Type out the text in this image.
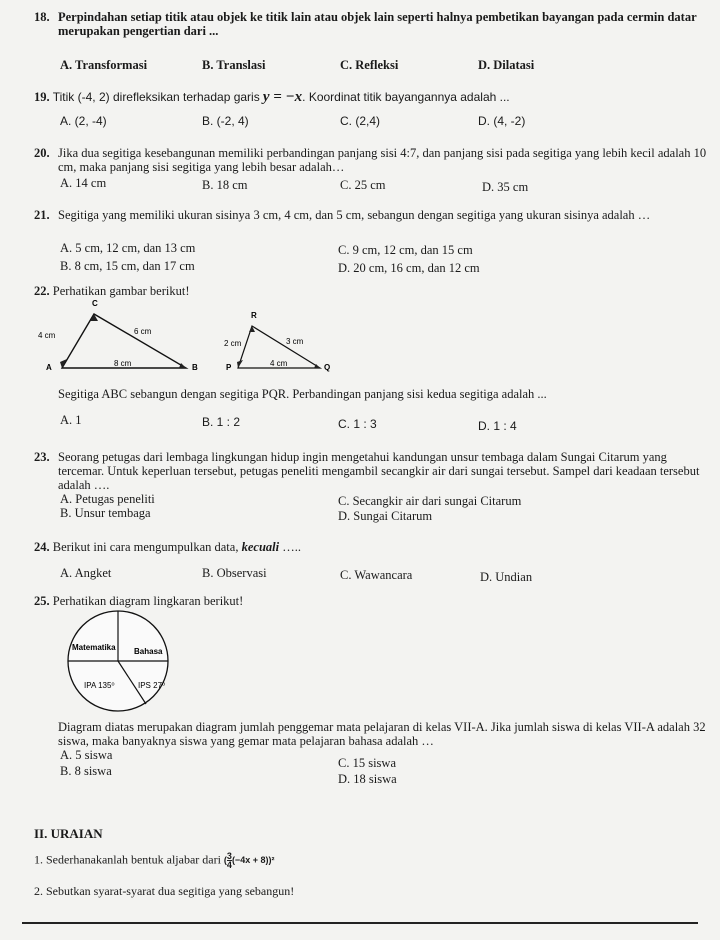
18. Perpindahan setiap titik atau objek ke titik lain atau objek lain seperti halnya pembetikan bayangan pada cermin datar merupakan pengertian dari ...
A. Transformasi	B. Translasi	C. Refleksi	D. Dilatasi
19. Titik (-4, 2) direfleksikan terhadap garis y = −x. Koordinat titik bayangannya adalah ...
A. (2, -4)	B. (-2, 4)	C. (2,4)	D. (4, -2)
20. Jika dua segitiga kesebangunan memiliki perbandingan panjang sisi 4:7, dan panjang sisi pada segitiga yang lebih kecil adalah 10 cm, maka panjang sisi segitiga yang lebih besar adalah…
A. 14 cm	B. 18 cm	C. 25 cm	D. 35 cm
21. Segitiga yang memiliki ukuran sisinya 3 cm, 4 cm, dan 5 cm, sebangun dengan segitiga yang ukuran sisinya adalah …
A. 5 cm, 12 cm, dan 13 cm	C. 9 cm, 12 cm, dan 15 cm
B. 8 cm, 15 cm, dan 17 cm	D. 20 cm, 16 cm, dan 12 cm
22. Perhatikan gambar berikut!
C
A	B
4 cm	6 cm
8 cm
R
P	Q
2 cm	3 cm
4 cm
Segitiga ABC sebangun dengan segitiga PQR. Perbandingan panjang sisi kedua segitiga adalah ...
A. 1	B. 1 : 2	C. 1 : 3	D. 1 : 4
23. Seorang petugas dari lembaga lingkungan hidup ingin mengetahui kandungan unsur tembaga dalam Sungai Citarum yang tercemar. Untuk keperluan tersebut, petugas peneliti mengambil secangkir air dari sungai tersebut. Sampel dari keadaan tersebut adalah ….
A. Petugas peneliti	C. Secangkir air dari sungai Citarum
B. Unsur tembaga	D. Sungai Citarum
24. Berikut ini cara mengumpulkan data, kecuali …..
A. Angket	B. Observasi	C. Wawancara	D. Undian
25. Perhatikan diagram lingkaran berikut!
Matematika Bahasa
IPA 135⁰	IPS 27⁰
Diagram diatas merupakan diagram jumlah penggemar mata pelajaran di kelas VII-A. Jika jumlah siswa di kelas VII-A adalah 32 siswa, maka banyaknya siswa yang gemar mata pelajaran bahasa adalah …
A. 5 siswa
C. 15 siswa
B. 8 siswa
D. 18 siswa
II. URAIAN
1. Sederhanakanlah bentuk aljabar dari ( $\frac{3}{4} (-4x + 8))^2$
2. Sebutkan syarat-syarat dua segitiga yang sebangun!
